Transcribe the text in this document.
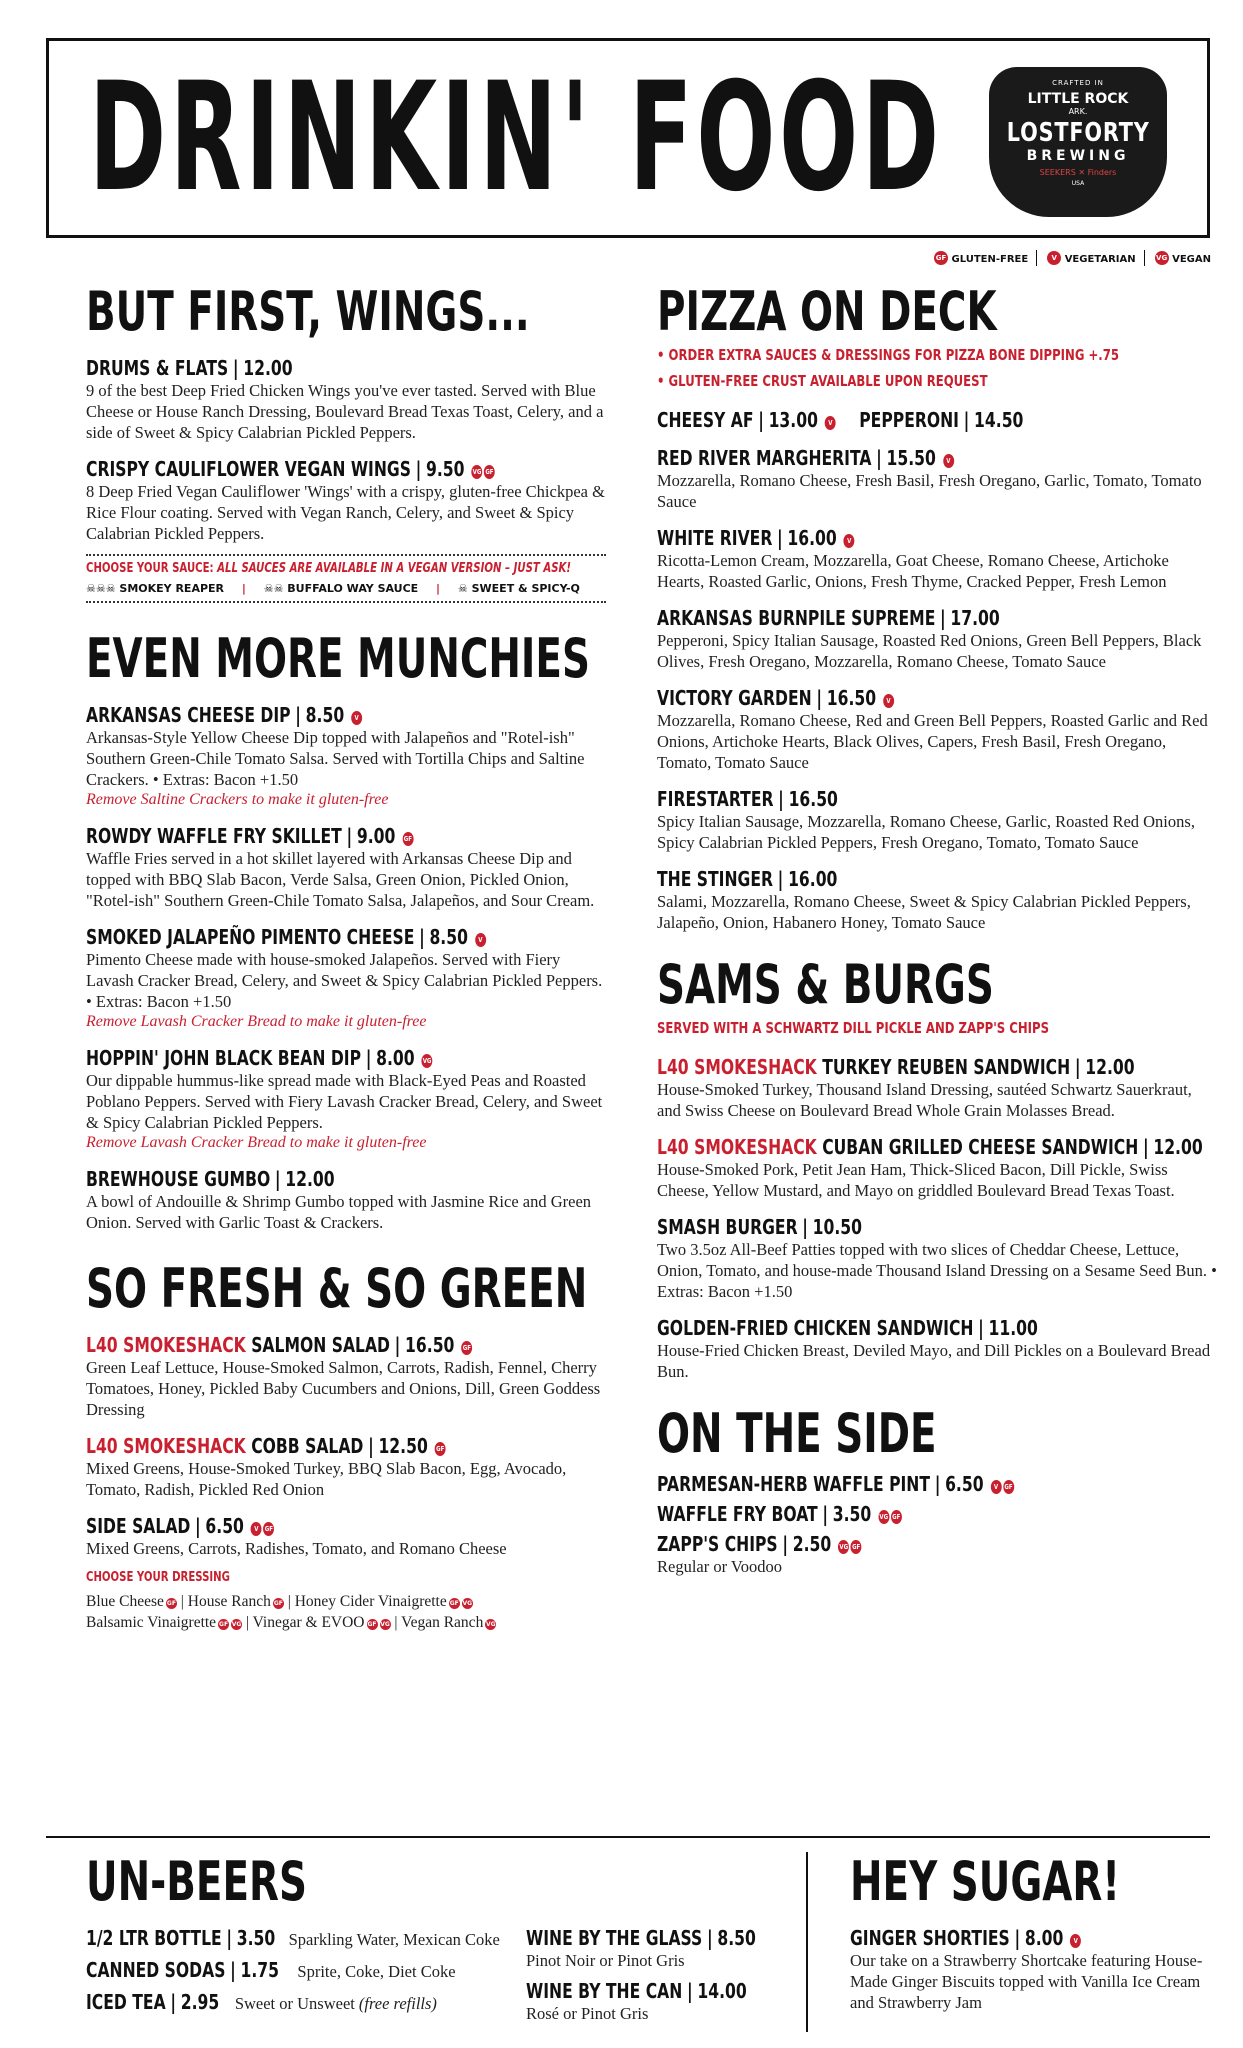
DRINKIN' FOOD	CRAFTED IN
LITTLE ROCK
ARK.
LOSTFORTY
BREWING
SEEKERS ✕ Finders
USA
GF GLUTEN-FREE	V VEGETARIAN	VG VEGAN
BUT FIRST, WINGS...
DRUMS & FLATS | 12.00
9 of the best Deep Fried Chicken Wings you've ever tasted. Served with Blue Cheese or House Ranch Dressing, Boulevard Bread Texas Toast, Celery, and a side of Sweet & Spicy Calabrian Pickled Peppers.
CRISPY CAULIFLOWER VEGAN WINGS | 9.50 VG GF
8 Deep Fried Vegan Cauliflower 'Wings' with a crispy, gluten-free Chickpea & Rice Flour coating. Served with Vegan Ranch, Celery, and Sweet & Spicy Calabrian Pickled Peppers.
CHOOSE YOUR SAUCE: ALL SAUCES ARE AVAILABLE IN A VEGAN VERSION – JUST ASK!
☠☠☠ SMOKEY REAPER | ☠☠ BUFFALO WAY SAUCE | ☠ SWEET & SPICY-Q
EVEN MORE MUNCHIES
ARKANSAS CHEESE DIP | 8.50 V
Arkansas-Style Yellow Cheese Dip topped with Jalapeños and "Rotel-ish" Southern Green-Chile Tomato Salsa. Served with Tortilla Chips and Saltine Crackers. • Extras: Bacon +1.50
Remove Saltine Crackers to make it gluten-free
ROWDY WAFFLE FRY SKILLET | 9.00 GF
Waffle Fries served in a hot skillet layered with Arkansas Cheese Dip and topped with BBQ Slab Bacon, Verde Salsa, Green Onion, Pickled Onion, "Rotel-ish" Southern Green-Chile Tomato Salsa, Jalapeños, and Sour Cream.
SMOKED JALAPEÑO PIMENTO CHEESE | 8.50 V
Pimento Cheese made with house-smoked Jalapeños. Served with Fiery Lavash Cracker Bread, Celery, and Sweet & Spicy Calabrian Pickled Peppers. • Extras: Bacon +1.50
Remove Lavash Cracker Bread to make it gluten-free
HOPPIN' JOHN BLACK BEAN DIP | 8.00 VG
Our dippable hummus-like spread made with Black-Eyed Peas and Roasted Poblano Peppers. Served with Fiery Lavash Cracker Bread, Celery, and Sweet & Spicy Calabrian Pickled Peppers.
Remove Lavash Cracker Bread to make it gluten-free
BREWHOUSE GUMBO | 12.00
A bowl of Andouille & Shrimp Gumbo topped with Jasmine Rice and Green Onion. Served with Garlic Toast & Crackers.
SO FRESH & SO GREEN
L40 SMOKESHACK SALMON SALAD | 16.50 GF
Green Leaf Lettuce, House-Smoked Salmon, Carrots, Radish, Fennel, Cherry Tomatoes, Honey, Pickled Baby Cucumbers and Onions, Dill, Green Goddess Dressing
L40 SMOKESHACK COBB SALAD | 12.50 GF
Mixed Greens, House-Smoked Turkey, BBQ Slab Bacon, Egg, Avocado, Tomato, Radish, Pickled Red Onion
SIDE SALAD | 6.50 V GF
Mixed Greens, Carrots, Radishes, Tomato, and Romano Cheese
CHOOSE YOUR DRESSING
Blue Cheese GF | House Ranch GF | Honey Cider Vinaigrette GF VG
Balsamic Vinaigrette GF VG | Vinegar & EVOO GF VG | Vegan Ranch VG
PIZZA ON DECK
• ORDER EXTRA SAUCES & DRESSINGS FOR PIZZA BONE DIPPING +.75
• GLUTEN-FREE CRUST AVAILABLE UPON REQUEST
CHEESY AF | 13.00 V PEPPERONI | 14.50
RED RIVER MARGHERITA | 15.50 V
Mozzarella, Romano Cheese, Fresh Basil, Fresh Oregano, Garlic, Tomato, Tomato Sauce
WHITE RIVER | 16.00 V
Ricotta-Lemon Cream, Mozzarella, Goat Cheese, Romano Cheese, Artichoke Hearts, Roasted Garlic, Onions, Fresh Thyme, Cracked Pepper, Fresh Lemon
ARKANSAS BURNPILE SUPREME | 17.00
Pepperoni, Spicy Italian Sausage, Roasted Red Onions, Green Bell Peppers, Black Olives, Fresh Oregano, Mozzarella, Romano Cheese, Tomato Sauce
VICTORY GARDEN | 16.50 V
Mozzarella, Romano Cheese, Red and Green Bell Peppers, Roasted Garlic and Red Onions, Artichoke Hearts, Black Olives, Capers, Fresh Basil, Fresh Oregano, Tomato, Tomato Sauce
FIRESTARTER | 16.50
Spicy Italian Sausage, Mozzarella, Romano Cheese, Garlic, Roasted Red Onions, Spicy Calabrian Pickled Peppers, Fresh Oregano, Tomato, Tomato Sauce
THE STINGER | 16.00
Salami, Mozzarella, Romano Cheese, Sweet & Spicy Calabrian Pickled Peppers, Jalapeño, Onion, Habanero Honey, Tomato Sauce
SAMS & BURGS
SERVED WITH A SCHWARTZ DILL PICKLE AND ZAPP'S CHIPS
L40 SMOKESHACK TURKEY REUBEN SANDWICH | 12.00
House-Smoked Turkey, Thousand Island Dressing, sautéed Schwartz Sauerkraut, and Swiss Cheese on Boulevard Bread Whole Grain Molasses Bread.
L40 SMOKESHACK CUBAN GRILLED CHEESE SANDWICH | 12.00
House-Smoked Pork, Petit Jean Ham, Thick-Sliced Bacon, Dill Pickle, Swiss Cheese, Yellow Mustard, and Mayo on griddled Boulevard Bread Texas Toast.
SMASH BURGER | 10.50
Two 3.5oz All-Beef Patties topped with two slices of Cheddar Cheese, Lettuce, Onion, Tomato, and house-made Thousand Island Dressing on a Sesame Seed Bun. • Extras: Bacon +1.50
GOLDEN-FRIED CHICKEN SANDWICH | 11.00
House-Fried Chicken Breast, Deviled Mayo, and Dill Pickles on a Boulevard Bread Bun.
ON THE SIDE
PARMESAN-HERB WAFFLE PINT | 6.50 V GF
WAFFLE FRY BOAT | 3.50 VG GF
ZAPP'S CHIPS | 2.50 VG GF
Regular or Voodoo
UN-BEERS
1/2 LTR BOTTLE | 3.50 Sparkling Water, Mexican Coke
CANNED SODAS | 1.75 Sprite, Coke, Diet Coke
ICED TEA | 2.95 Sweet or Unsweet (free refills)
WINE BY THE GLASS | 8.50
Pinot Noir or Pinot Gris
WINE BY THE CAN | 14.00
Rosé or Pinot Gris
HEY SUGAR!
GINGER SHORTIES | 8.00 V
Our take on a Strawberry Shortcake featuring House-Made Ginger Biscuits topped with Vanilla Ice Cream and Strawberry Jam
